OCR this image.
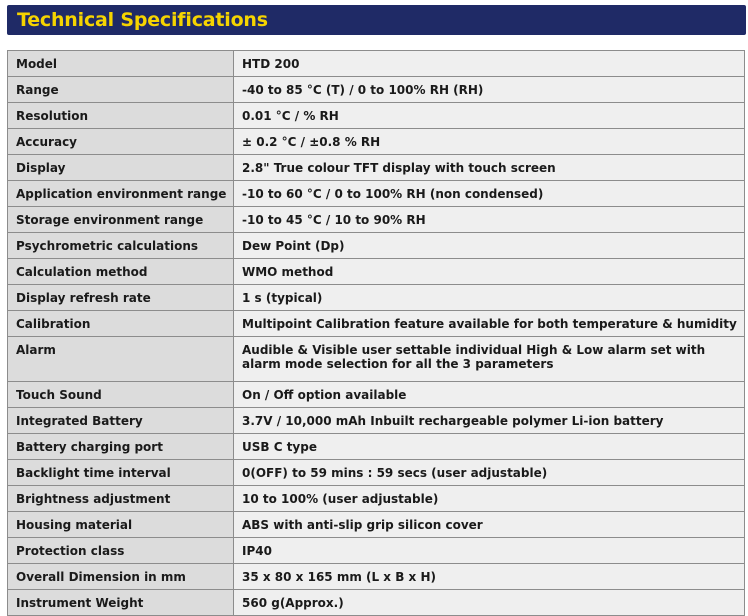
Technical Specifications
Model	HTD 200
Range	-40 to 85 °C (T) / 0 to 100% RH (RH)
Resolution	0.01 °C / % RH
Accuracy	± 0.2 °C / ±0.8 % RH
Display	2.8" True colour TFT display with touch screen
Application environment range	-10 to 60 °C / 0 to 100% RH (non condensed)
Storage environment range	-10 to 45 °C / 10 to 90% RH
Psychrometric calculations	Dew Point (Dp)
Calculation method	WMO method
Display refresh rate	1 s (typical)
Calibration	Multipoint Calibration feature available for both temperature & humidity
Alarm	Audible & Visible user settable individual High & Low alarm set with alarm mode selection for all the 3 parameters
Touch Sound	On / Off option available
Integrated Battery	3.7V / 10,000 mAh Inbuilt rechargeable polymer Li-ion battery
Battery charging port	USB C type
Backlight time interval	0(OFF) to 59 mins : 59 secs (user adjustable)
Brightness adjustment	10 to 100% (user adjustable)
Housing material	ABS with anti-slip grip silicon cover
Protection class	IP40
Overall Dimension in mm	35 x 80 x 165 mm (L x B x H)
Instrument Weight	560 g(Approx.)
